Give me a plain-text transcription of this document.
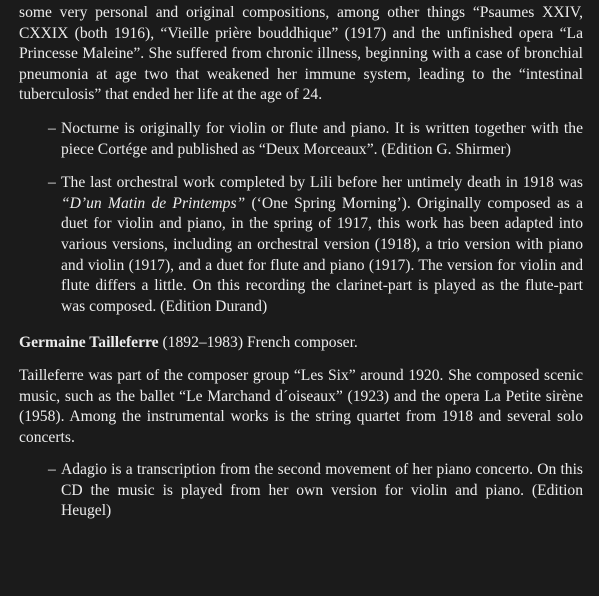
some very personal and original compositions, among other things “Psaumes XXIV, CXXIX (both 1916), “Vieille prière bouddhique” (1917) and the unfinished opera “La Princesse Maleine”. She suffered from chronic illness, beginning with a case of bronchial pneumonia at age two that weakened her immune system, leading to the “intestinal tuberculosis” that ended her life at the age of 24.

– Nocturne is originally for violin or flute and piano. It is written together with the piece Cortége and published as “Deux Morceaux”. (Edition G. Shirmer)

– The last orchestral work completed by Lili before her untimely death in 1918 was “D’un Matin de Printemps” (‘One Spring Morning’). Originally composed as a duet for violin and piano, in the spring of 1917, this work has been adapted into various versions, including an orchestral version (1918), a trio version with piano and violin (1917), and a duet for flute and piano (1917). The version for violin and flute differs a little. On this recording the clarinet-part is played as the flute-part was composed. (Edition Durand)

Germaine Tailleferre (1892–1983) French composer.

Tailleferre was part of the composer group “Les Six” around 1920. She composed scenic music, such as the ballet “Le Marchand d´oiseaux” (1923) and the opera La Petite sirène (1958). Among the instrumental works is the string quartet from 1918 and several solo concerts.

– Adagio is a transcription from the second movement of her piano concerto. On this CD the music is played from her own version for violin and piano. (Edition Heugel)
